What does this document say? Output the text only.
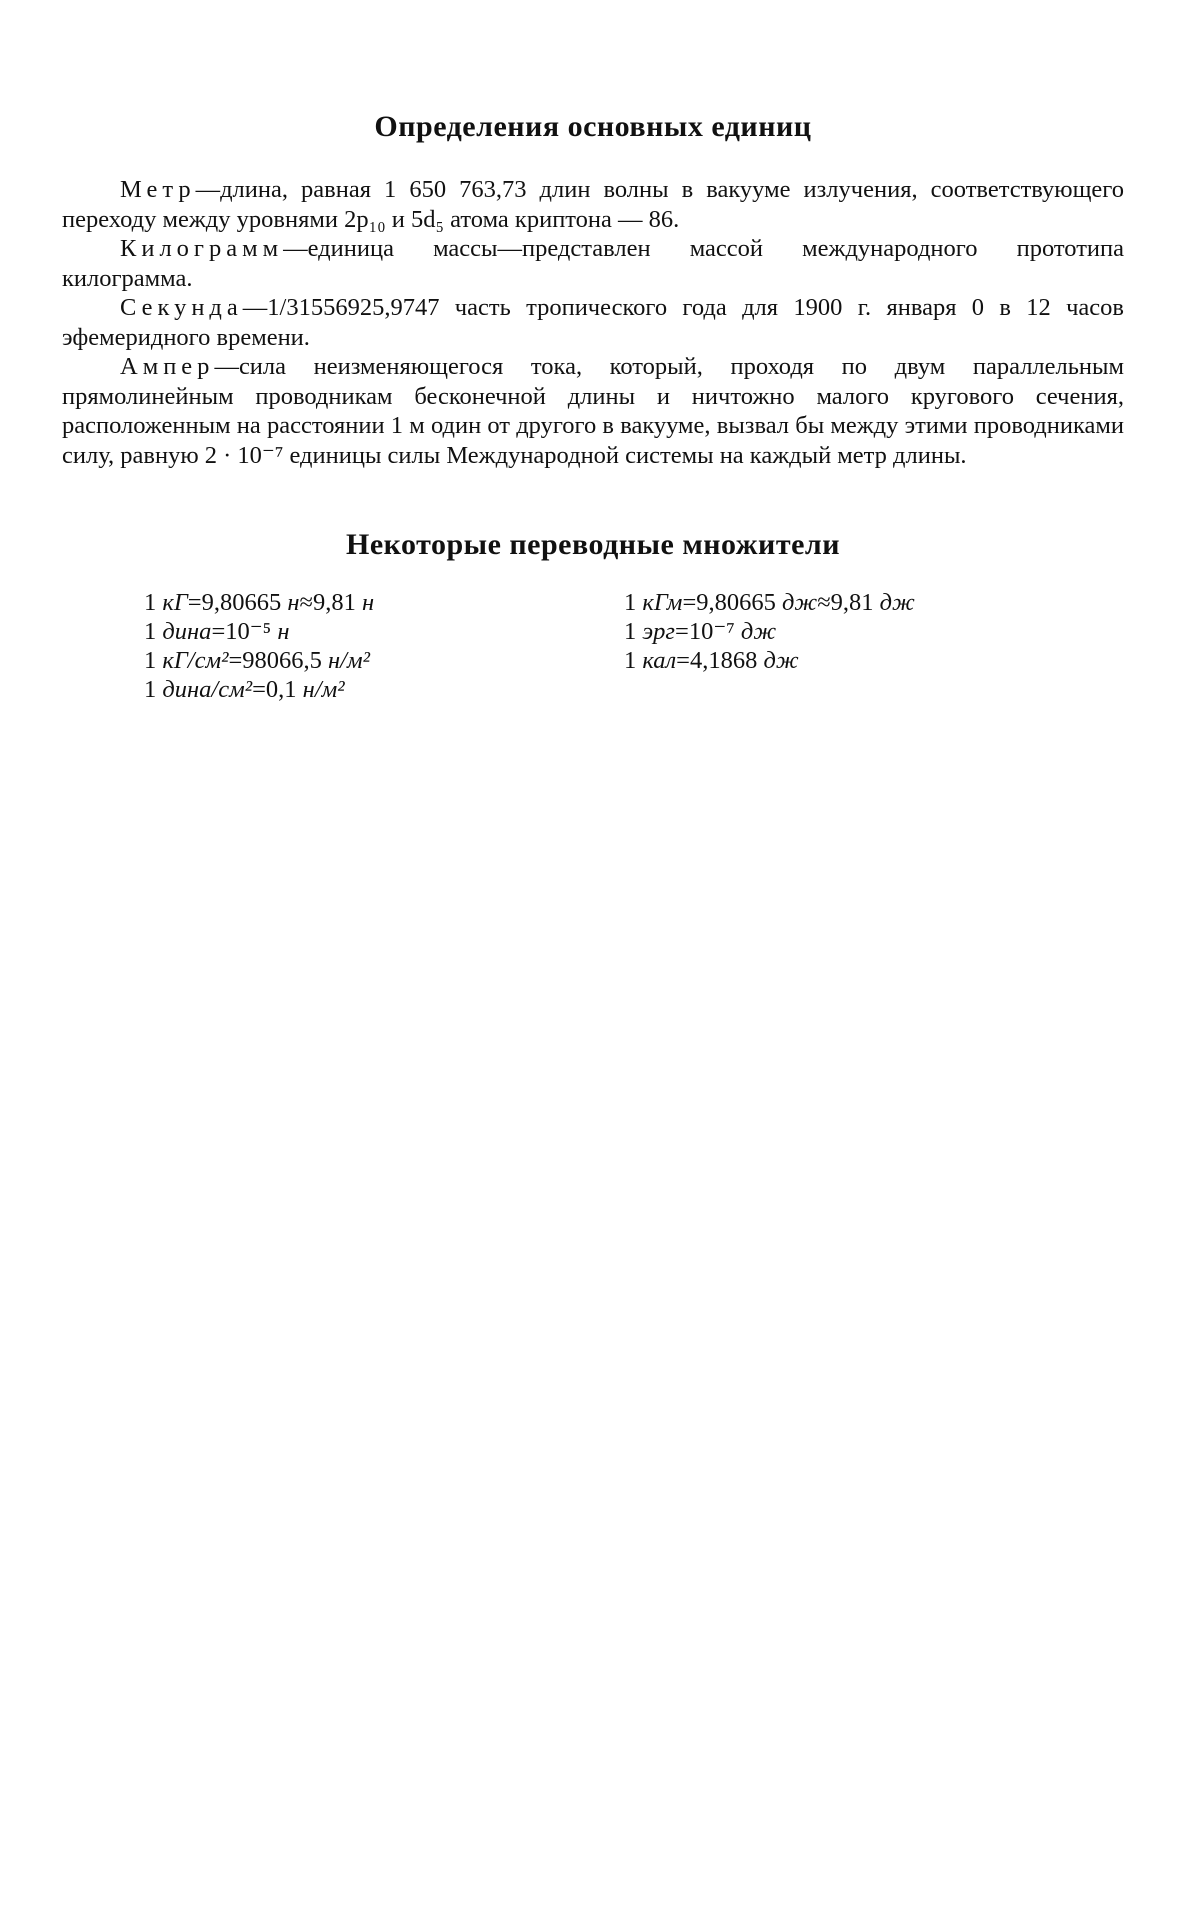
Определения основных единиц

Метр—длина, равная 1 650 763,73 длин волны в вакууме излучения, соответствующего переходу между уровнями 2p₁₀ и 5d₅ атома криптона — 86.

Килограмм—единица массы—представлен массой международного прототипа килограмма.

Секунда—1/31556925,9747 часть тропического года для 1900 г. января 0 в 12 часов эфемеридного времени.

Ампер—сила неизменяющегося тока, который, проходя по двум параллельным прямолинейным проводникам бесконечной длины и ничтожно малого кругового сечения, расположенным на расстоянии 1 м один от другого в вакууме, вызвал бы между этими проводниками силу, равную 2 · 10⁻⁷ единицы силы Международной системы на каждый метр длины.

Некоторые переводные множители
1 кГ=9,80665 н≈9,81 н
1 дина=10⁻⁵ н
1 кГ/см²=98066,5 н/м²
1 дина/см²=0,1 н/м²
1 кГм=9,80665 дж≈9,81 дж
1 эрг=10⁻⁷ дж
1 кал=4,1868 дж
